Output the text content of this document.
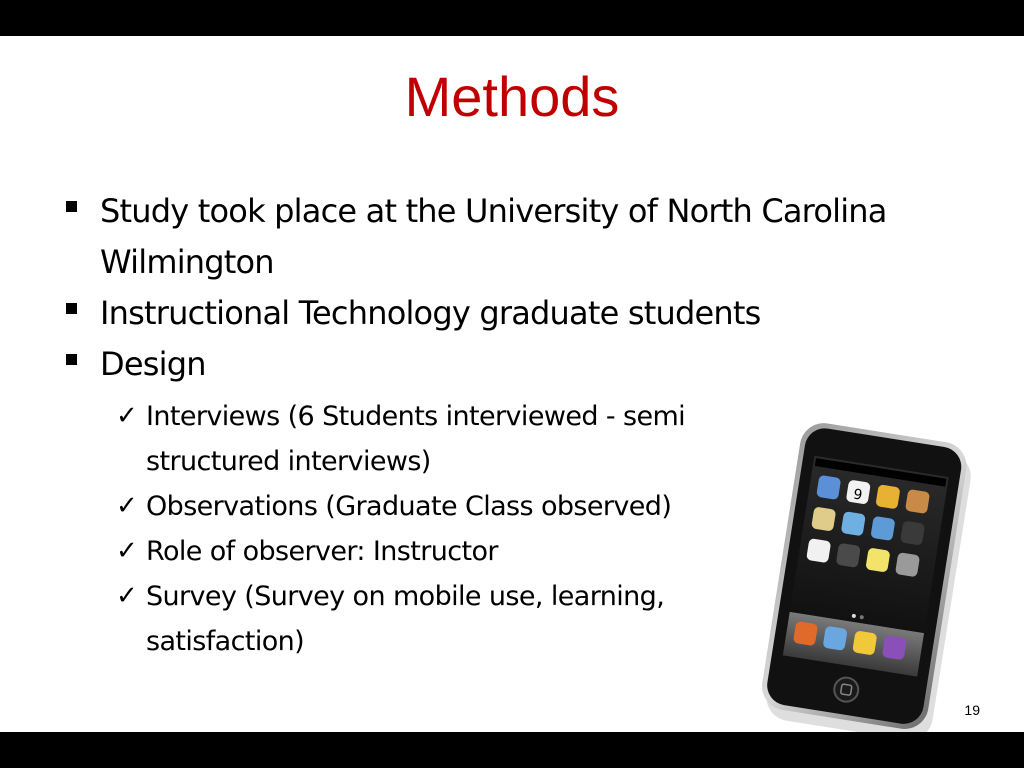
Methods
Study took place at the University of North Carolina Wilmington
Instructional Technology graduate students
Design
✓ Interviews (6 Students interviewed - semi structured interviews)
✓ Observations (Graduate Class observed)
✓ Role of observer: Instructor
✓ Survey (Survey on mobile use, learning, satisfaction)
9
19
